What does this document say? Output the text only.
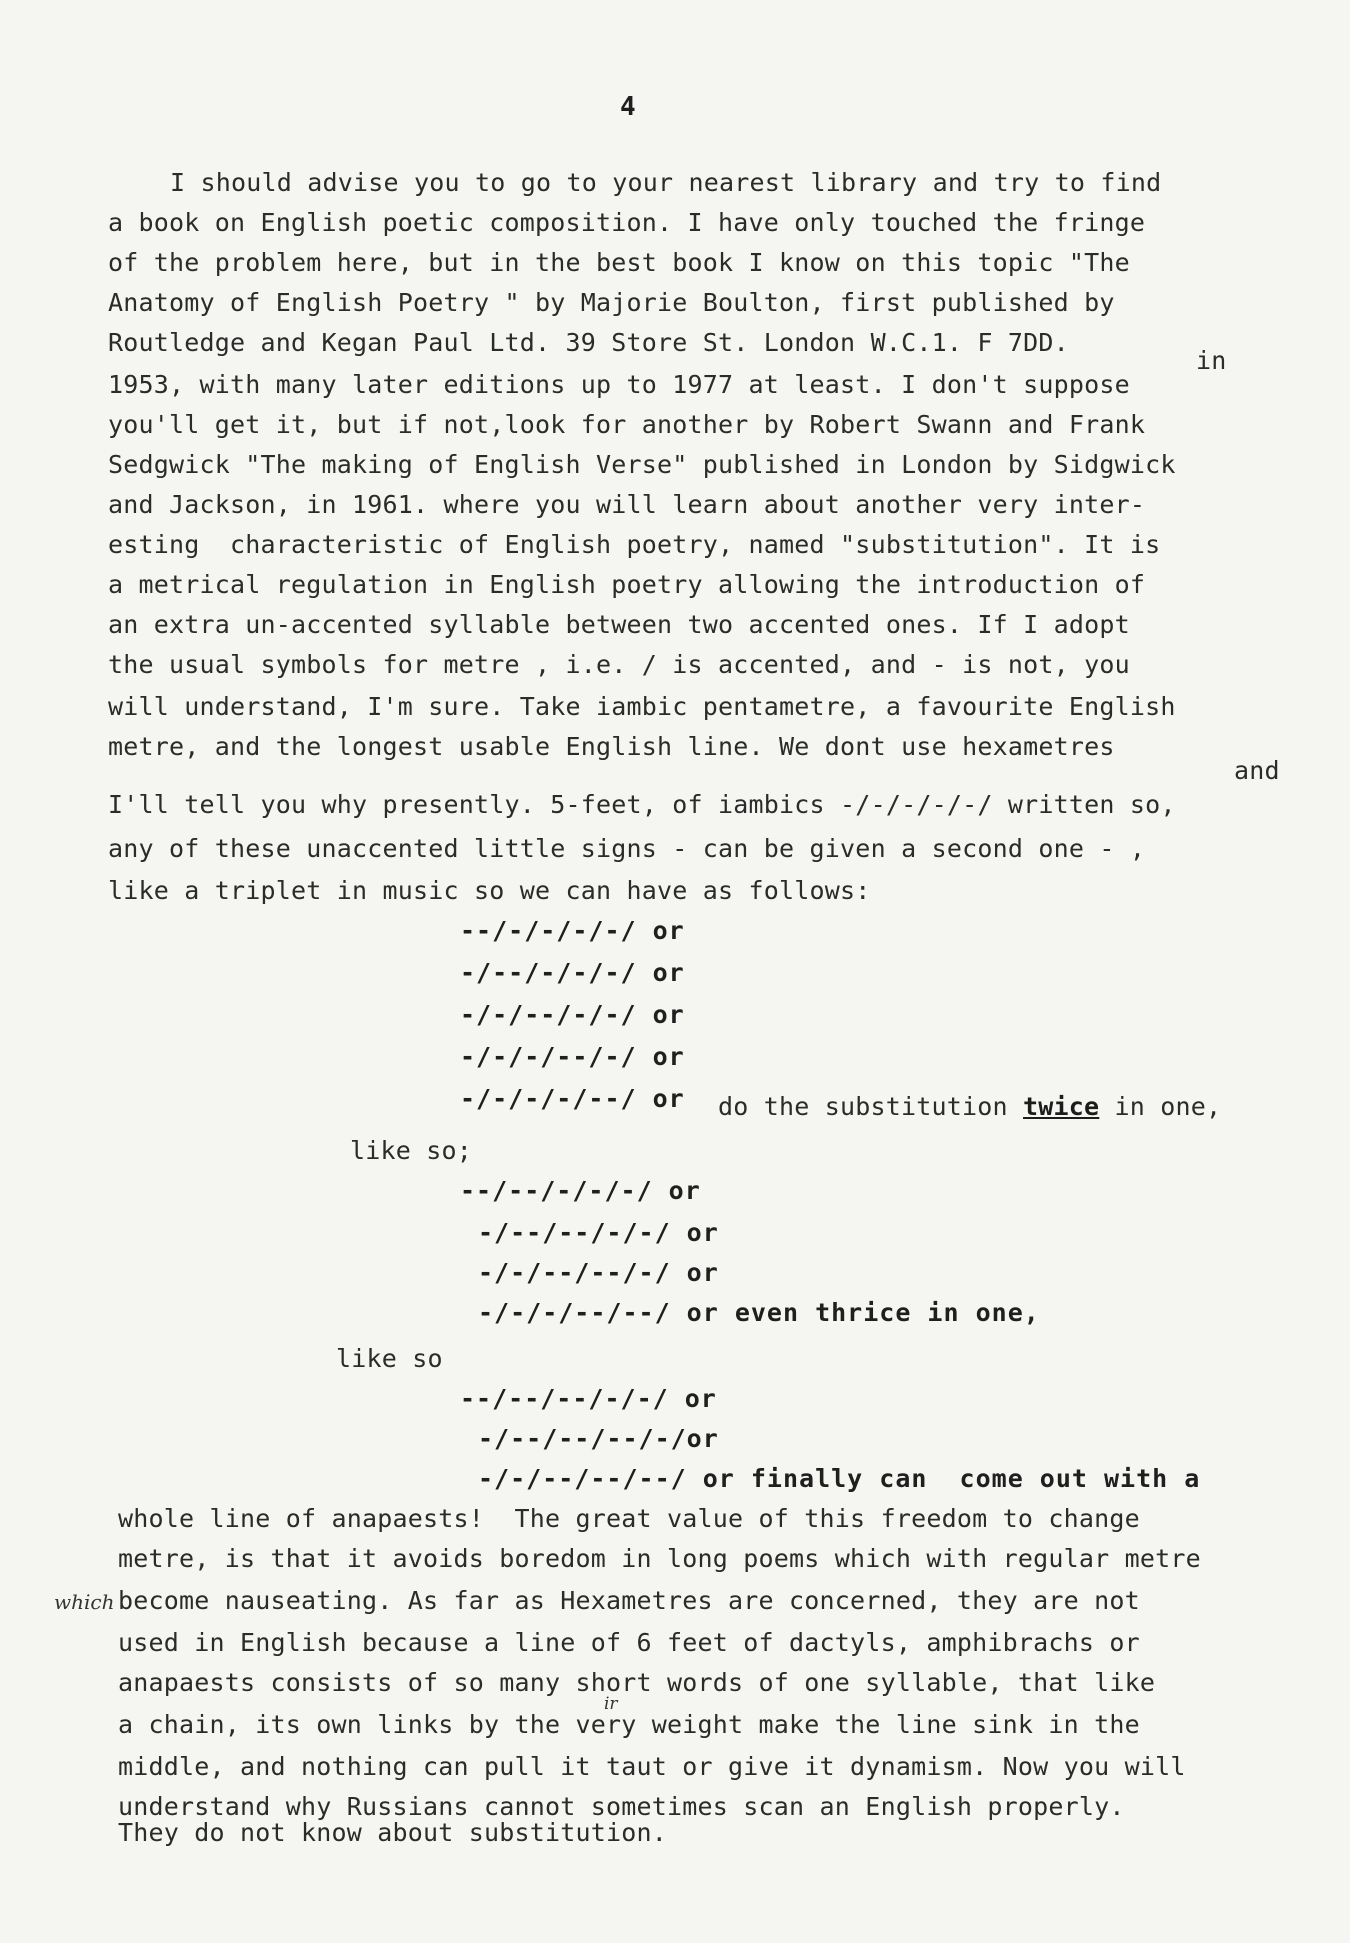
4
I should advise you to go to your nearest library and try to find
a book on English poetic composition. I have only touched the fringe
of the problem here, but in the best book I know on this topic "The
Anatomy of English Poetry " by Majorie Boulton, first published by
Routledge and Kegan Paul Ltd. 39 Store St. London W.C.1. F 7DD.
in
1953, with many later editions up to 1977 at least. I don't suppose
you'll get it, but if not,look for another by Robert Swann and Frank
Sedgwick "The making of English Verse" published in London by Sidgwick
and Jackson, in 1961. where you will learn about another very inter-
esting  characteristic of English poetry, named "substitution". It is
a metrical regulation in English poetry allowing the introduction of
an extra un-accented syllable between two accented ones. If I adopt
the usual symbols for metre , i.e. / is accented, and - is not, you
will understand, I'm sure. Take iambic pentametre, a favourite English
metre, and the longest usable English line. We dont use hexametres
and
I'll tell you why presently. 5-feet, of iambics -/-/-/-/-/ written so,
any of these unaccented little signs - can be given a second one - ,
like a triplet in music so we can have as follows:
--/-/-/-/-/ or
-/--/-/-/-/ or
-/-/--/-/-/ or
-/-/-/--/-/ or
-/-/-/-/--/ or do the substitution twice in one,
like so;
--/--/-/-/-/ or
-/--/--/-/-/ or
-/-/--/--/-/ or
-/-/-/--/--/ or even thrice in one,
like so
--/--/--/-/-/ or
-/--/--/--/-/or
-/-/--/--/--/ or finally can  come out with a
whole line of anapaests!  The great value of this freedom to change
metre, is that it avoids boredom in long poems which with regular metre
which become nauseating. As far as Hexametres are concerned, they are not
used in English because a line of 6 feet of dactyls, amphibrachs or
anapaests consists of so many short words of one syllable, that like
ir
a chain, its own links by the very weight make the line sink in the
middle, and nothing can pull it taut or give it dynamism. Now you will
understand why Russians cannot sometimes scan an English properly.
They do not know about substitution.
